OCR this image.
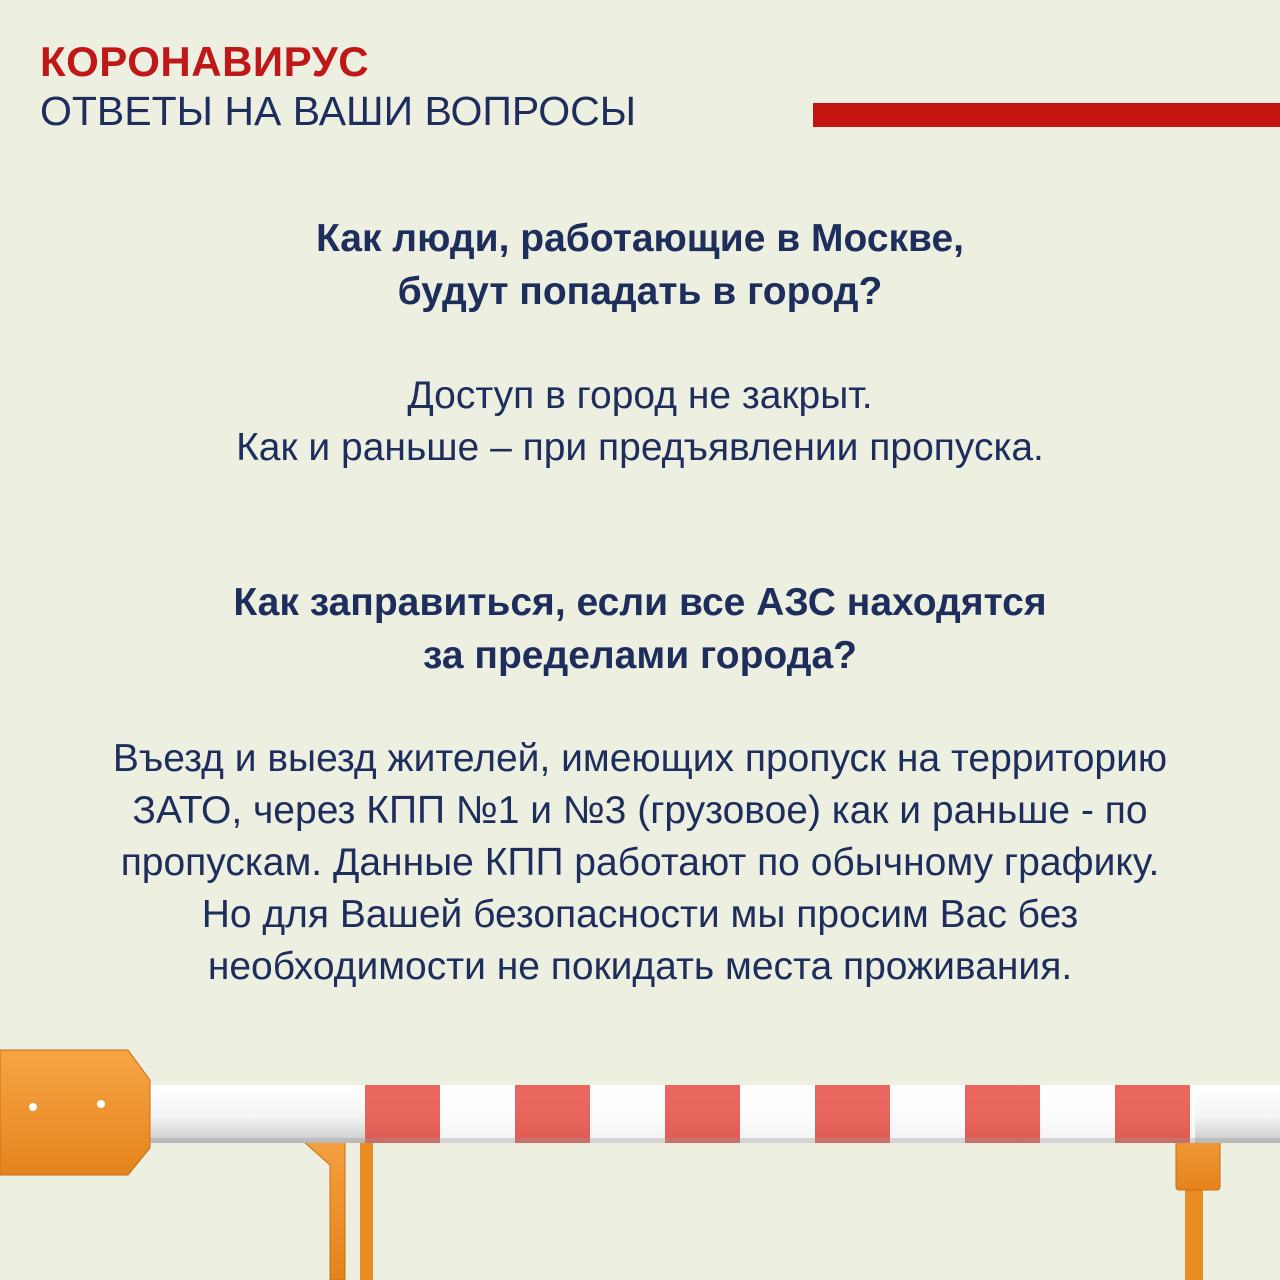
КОРОНАВИРУС
ОТВЕТЫ НА ВАШИ ВОПРОСЫ
Как люди, работающие в Москве,
будут попадать в город?
Доступ в город не закрыт.
Как и раньше – при предъявлении пропуска.
Как заправиться, если все АЗС находятся
за пределами города?
Въезд и выезд жителей, имеющих пропуск на территорию
ЗАТО, через КПП №1 и №3 (грузовое) как и раньше - по
пропускам. Данные КПП работают по обычному графику.
Но для Вашей безопасности мы просим Вас без
необходимости не покидать места проживания.
